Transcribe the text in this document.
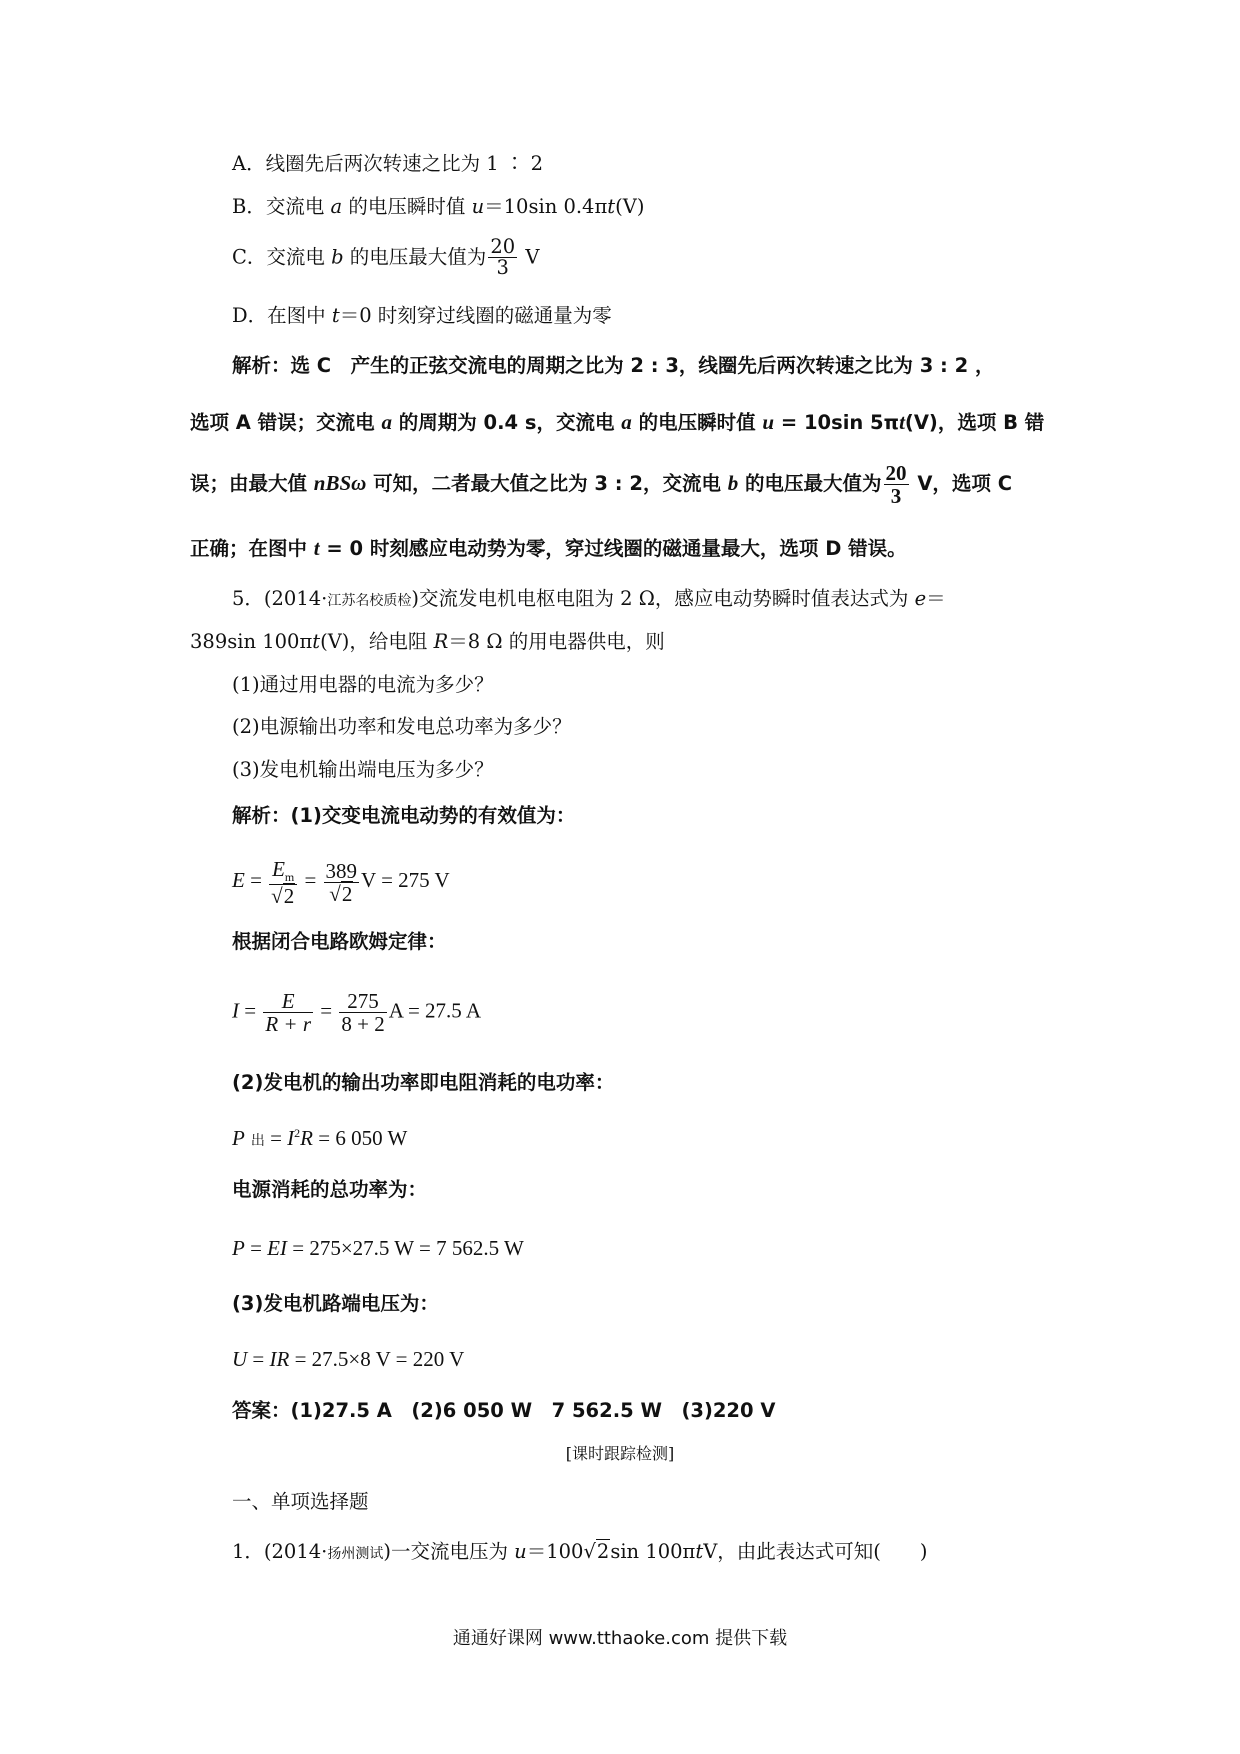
A．线圈先后两次转速之比为 1 ∶ 2
B．交流电 a 的电压瞬时值 u＝10sin 0.4πt(V)
C．交流电 b 的电压最大值为 $\frac{20}{3}$ V
D．在图中 t＝0 时刻穿过线圈的磁通量为零
解析：选 C　产生的正弦交流电的周期之比为 2 : 3，线圈先后两次转速之比为 3 : 2 ，
选项 A 错误；交流电 a 的周期为 0.4 s，交流电 a 的电压瞬时值 u = 10sin 5πt(V)，选项 B 错
误；由最大值 nBSω 可知，二者最大值之比为 3 : 2，交流电 b 的电压最大值为 $\frac{20}{3}$ V，选项 C
正确；在图中 t = 0 时刻感应电动势为零，穿过线圈的磁通量最大，选项 D 错误。
5．(2014·江苏名校质检)交流发电机电枢电阻为 2 Ω，感应电动势瞬时值表达式为 e＝
389sin 100πt(V)，给电阻 R＝8 Ω 的用电器供电，则
(1)通过用电器的电流为多少？
(2)电源输出功率和发电总功率为多少？
(3)发电机输出端电压为多少？
解析：(1)交变电流电动势的有效值为：
$E = \frac{E_m}{√2} = \frac{389}{√2}$ V = 275 V
根据闭合电路欧姆定律：
$I = \frac{E}{R + r} = \frac{275}{8 + 2}$ A = 27.5 A
(2)发电机的输出功率即电阻消耗的电功率：
P出 = $I^2R = 6$ 050 W
电源消耗的总功率为：
P = EI = 275×27.5 W = 7 562.5 W
(3)发电机路端电压为：
U = IR = 27.5×8 V = 220 V
答案：(1)27.5 A　(2)6 050 W　7 562.5 W　(3)220 V
[课时跟踪检测]
一、单项选择题
1．(2014·扬州测试)一交流电压为 u＝100√2sin 100πtV，由此表达式可知(　　)
通通好课网 www.tthaoke.com 提供下载
